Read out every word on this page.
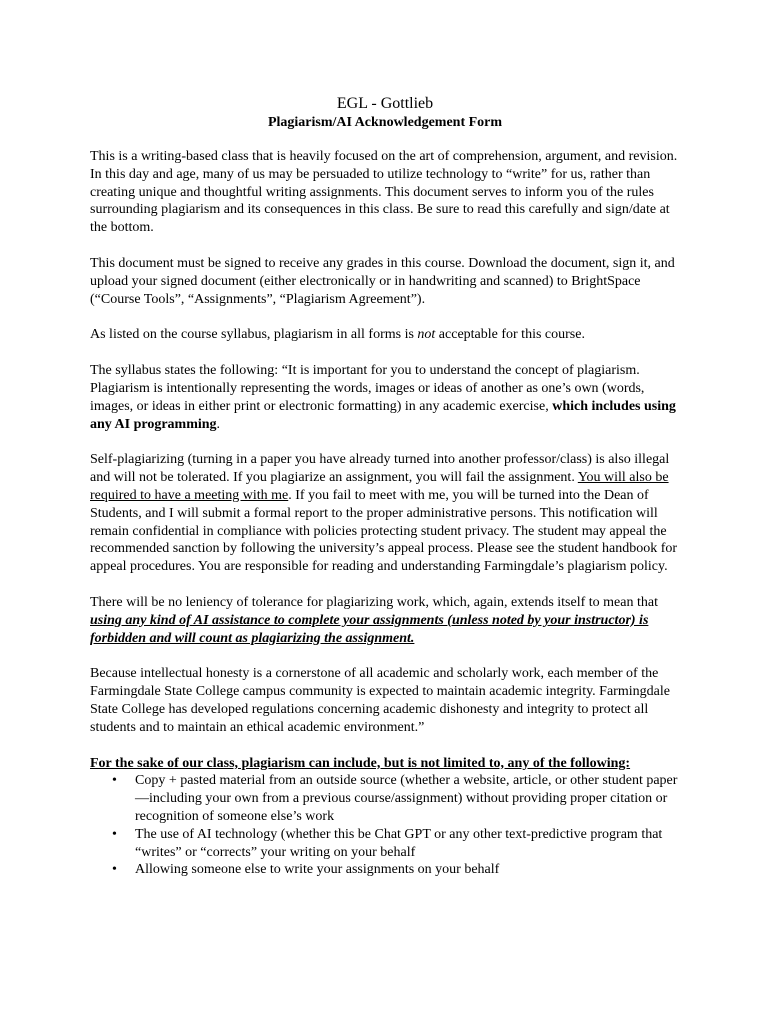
EGL - Gottlieb
Plagiarism/AI Acknowledgement Form

This is a writing-based class that is heavily focused on the art of comprehension, argument, and revision. In this day and age, many of us may be persuaded to utilize technology to “write” for us, rather than creating unique and thoughtful writing assignments. This document serves to inform you of the rules surrounding plagiarism and its consequences in this class. Be sure to read this carefully and sign/date at the bottom.

This document must be signed to receive any grades in this course. Download the document, sign it, and upload your signed document (either electronically or in handwriting and scanned) to BrightSpace (“Course Tools”, “Assignments”, “Plagiarism Agreement”).

As listed on the course syllabus, plagiarism in all forms is not acceptable for this course.

The syllabus states the following: “It is important for you to understand the concept of plagiarism. Plagiarism is intentionally representing the words, images or ideas of another as one’s own (words, images, or ideas in either print or electronic formatting) in any academic exercise, which includes using any AI programming.

Self-plagiarizing (turning in a paper you have already turned into another professor/class) is also illegal and will not be tolerated. If you plagiarize an assignment, you will fail the assignment. You will also be required to have a meeting with me. If you fail to meet with me, you will be turned into the Dean of Students, and I will submit a formal report to the proper administrative persons. This notification will remain confidential in compliance with policies protecting student privacy. The student may appeal the recommended sanction by following the university’s appeal process. Please see the student handbook for appeal procedures. You are responsible for reading and understanding Farmingdale’s plagiarism policy.

There will be no leniency of tolerance for plagiarizing work, which, again, extends itself to mean that using any kind of AI assistance to complete your assignments (unless noted by your instructor) is forbidden and will count as plagiarizing the assignment.

Because intellectual honesty is a cornerstone of all academic and scholarly work, each member of the Farmingdale State College campus community is expected to maintain academic integrity. Farmingdale State College has developed regulations concerning academic dishonesty and integrity to protect all students and to maintain an ethical academic environment.”

For the sake of our class, plagiarism can include, but is not limited to, any of the following:
• Copy + pasted material from an outside source (whether a website, article, or other student paper—including your own from a previous course/assignment) without providing proper citation or recognition of someone else’s work
• The use of AI technology (whether this be Chat GPT or any other text-predictive program that “writes” or “corrects” your writing on your behalf
• Allowing someone else to write your assignments on your behalf
